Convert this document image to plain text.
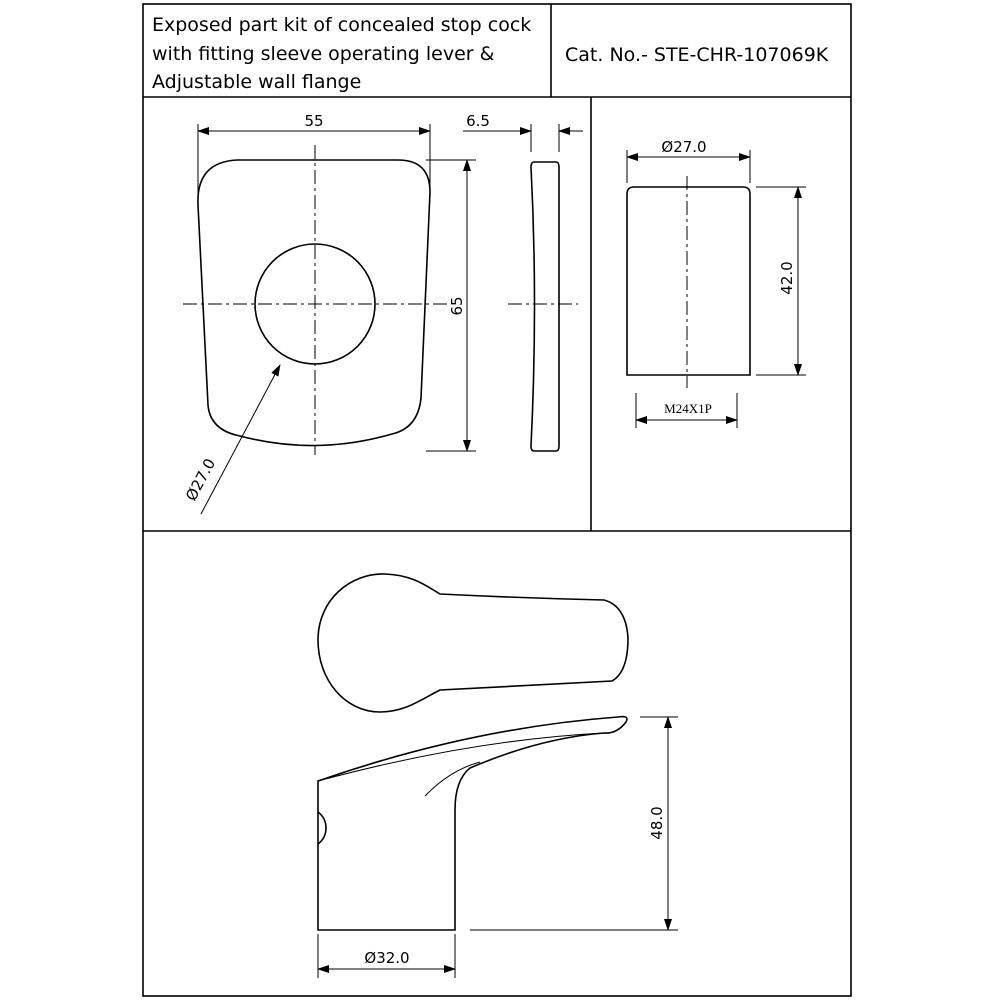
Exposed part kit of concealed stop cock
with fitting sleeve operating lever &
Adjustable wall flange
Cat. No.- STE-CHR-107069K
55
65
Ø27.0
6.5
Ø27.0
42.0
M24X1P
48.0
Ø32.0
